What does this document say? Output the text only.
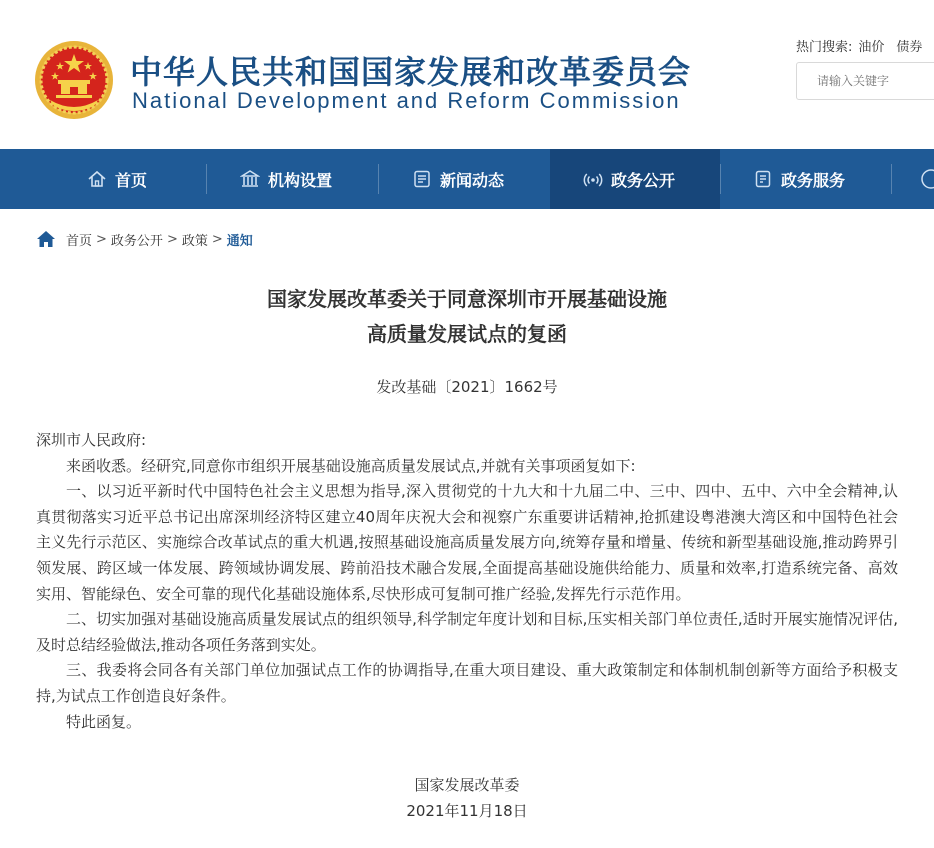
中华人民共和国国家发展和改革委员会
National Development and Reform Commission
热门搜索: 油价 债券
请输入关键字
首页	机构设置	新闻动态	政务公开	政务服务
首页 > 政务公开 > 政策 > 通知
国家发展改革委关于同意深圳市开展基础设施
高质量发展试点的复函
发改基础〔2021〕1662号

深圳市人民政府:

来函收悉。经研究,同意你市组织开展基础设施高质量发展试点,并就有关事项函复如下:

一、以习近平新时代中国特色社会主义思想为指导,深入贯彻党的十九大和十九届二中、三中、四中、五中、六中全会精神,认真贯彻落实习近平总书记出席深圳经济特区建立40周年庆祝大会和视察广东重要讲话精神,抢抓建设粤港澳大湾区和中国特色社会主义先行示范区、实施综合改革试点的重大机遇,按照基础设施高质量发展方向,统筹存量和增量、传统和新型基础设施,推动跨界引领发展、跨区域一体发展、跨领域协调发展、跨前沿技术融合发展,全面提高基础设施供给能力、质量和效率,打造系统完备、高效实用、智能绿色、安全可靠的现代化基础设施体系,尽快形成可复制可推广经验,发挥先行示范作用。

二、切实加强对基础设施高质量发展试点的组织领导,科学制定年度计划和目标,压实相关部门单位责任,适时开展实施情况评估,及时总结经验做法,推动各项任务落到实处。

三、我委将会同各有关部门单位加强试点工作的协调指导,在重大项目建设、重大政策制定和体制机制创新等方面给予积极支持,为试点工作创造良好条件。

特此函复。

国家发展改革委
2021年11月18日
